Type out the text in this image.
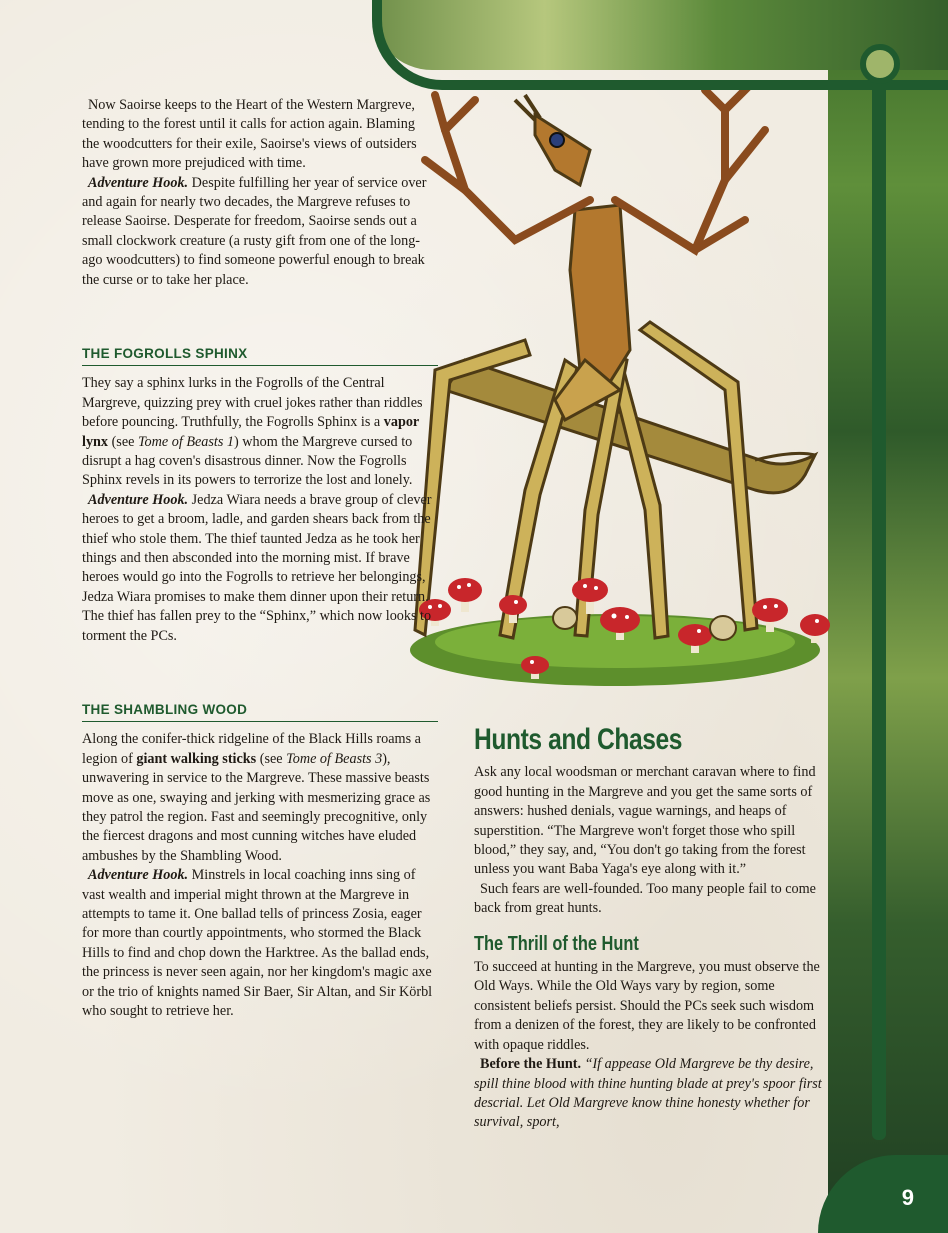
9

Now Saoirse keeps to the Heart of the Western Margreve, tending to the forest until it calls for action again. Blaming the woodcutters for their exile, Saoirse's views of outsiders have grown more prejudiced with time.

Adventure Hook. Despite fulfilling her year of service over and again for nearly two decades, the Margreve refuses to release Saoirse. Desperate for freedom, Saoirse sends out a small clockwork creature (a rusty gift from one of the long-ago woodcutters) to find someone powerful enough to break the curse or to take her place.

THE FOGROLLS SPHINX

They say a sphinx lurks in the Fogrolls of the Central Margreve, quizzing prey with cruel jokes rather than riddles before pouncing. Truthfully, the Fogrolls Sphinx is a vapor lynx (see Tome of Beasts 1) whom the Margreve cursed to disrupt a hag coven's disastrous dinner. Now the Fogrolls Sphinx revels in its powers to terrorize the lost and lonely.

Adventure Hook. Jedza Wiara needs a brave group of clever heroes to get a broom, ladle, and garden shears back from the thief who stole them. The thief taunted Jedza as he took her things and then absconded into the morning mist. If brave heroes would go into the Fogrolls to retrieve her belongings, Jedza Wiara promises to make them dinner upon their return. The thief has fallen prey to the “Sphinx,” which now looks to torment the PCs.

THE SHAMBLING WOOD

Along the conifer-thick ridgeline of the Black Hills roams a legion of giant walking sticks (see Tome of Beasts 3), unwavering in service to the Margreve. These massive beasts move as one, swaying and jerking with mesmerizing grace as they patrol the region. Fast and seemingly precognitive, only the fiercest dragons and most cunning witches have eluded ambushes by the Shambling Wood.

Adventure Hook. Minstrels in local coaching inns sing of vast wealth and imperial might thrown at the Margreve in attempts to tame it. One ballad tells of princess Zosia, eager for more than courtly appointments, who stormed the Black Hills to find and chop down the Harktree. As the ballad ends, the princess is never seen again, nor her kingdom's magic axe or the trio of knights named Sir Baer, Sir Altan, and Sir Körbl who sought to retrieve her.

Hunts and Chases

Ask any local woodsman or merchant caravan where to find good hunting in the Margreve and you get the same sorts of answers: hushed denials, vague warnings, and heaps of superstition. “The Margreve won't forget those who spill blood,” they say, and, “You don't go taking from the forest unless you want Baba Yaga's eye along with it.”

Such fears are well-founded. Too many people fail to come back from great hunts.

The Thrill of the Hunt

To succeed at hunting in the Margreve, you must observe the Old Ways. While the Old Ways vary by region, some consistent beliefs persist. Should the PCs seek such wisdom from a denizen of the forest, they are likely to be confronted with opaque riddles.

Before the Hunt. “If appease Old Margreve be thy desire, spill thine blood with thine hunting blade at prey's spoor first descrial. Let Old Margreve know thine honesty whether for survival, sport,
